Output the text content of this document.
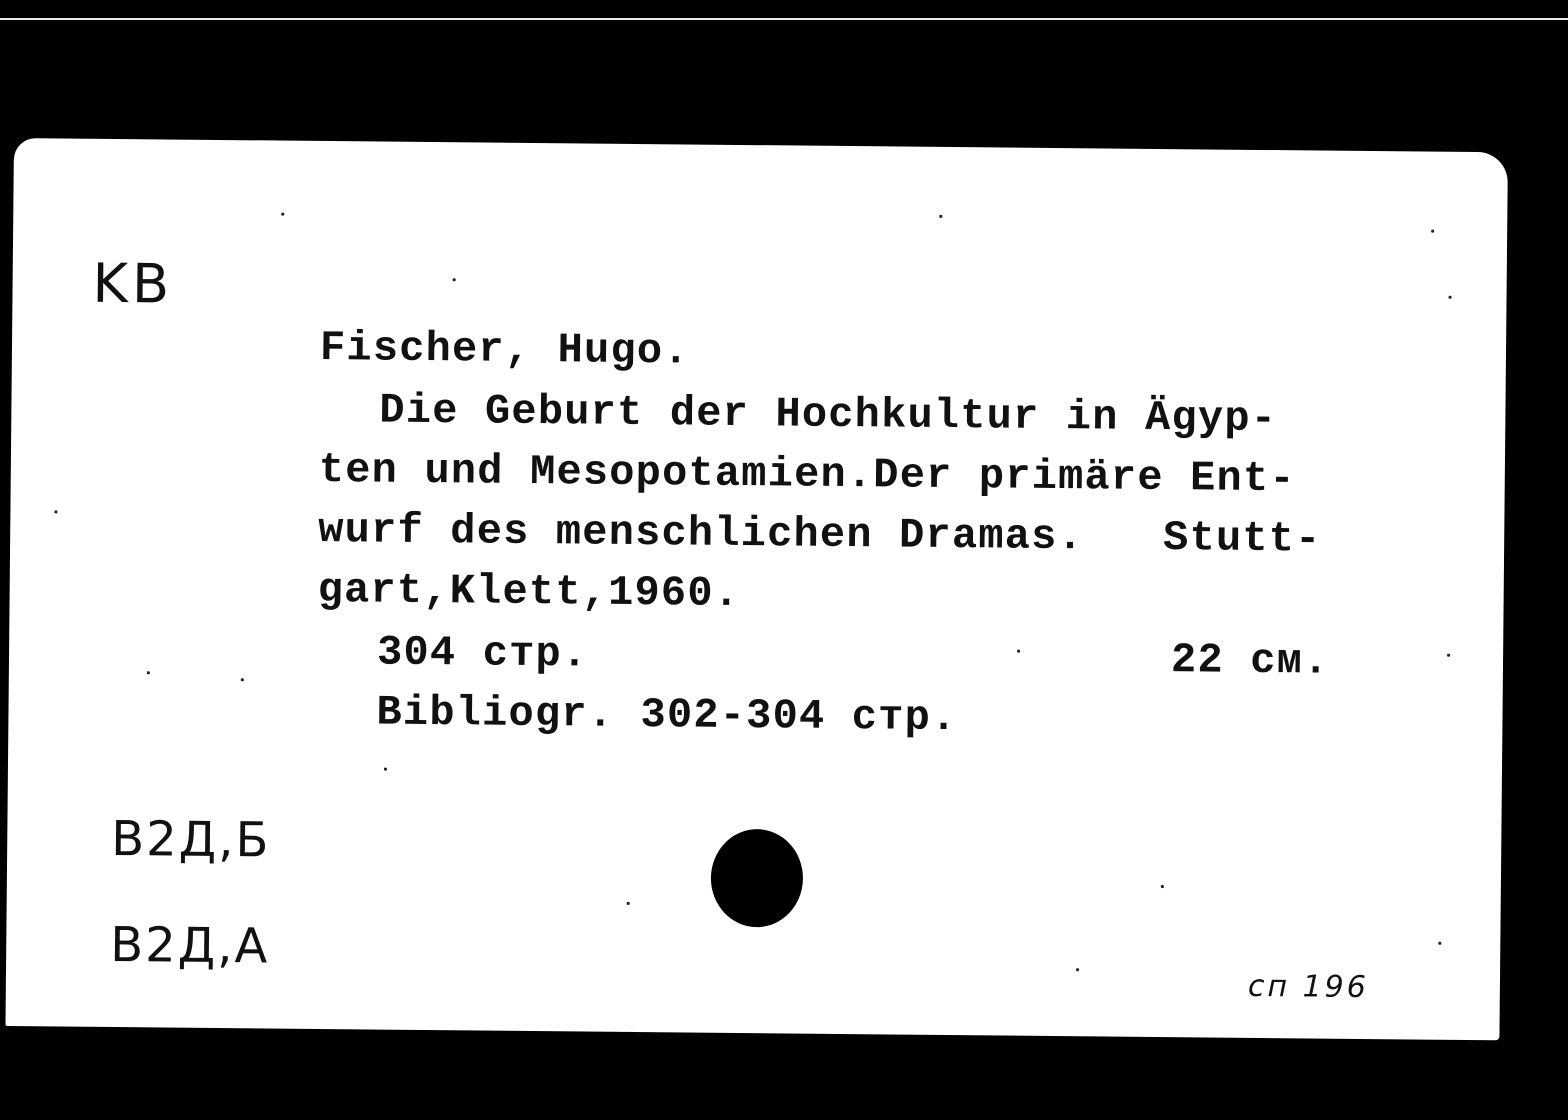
KB
Fischer, Hugo.
Die Geburt der Hochkultur in Ägyp-
ten und Mesopotamien.Der primäre Ent-
wurf des menschlichen Dramas.   Stutt-
gart,Klett,1960.
304 стр.	22 см.
Bibliogr. 302-304 стр.
В2Д,Б
В2Д,А
сп 196
